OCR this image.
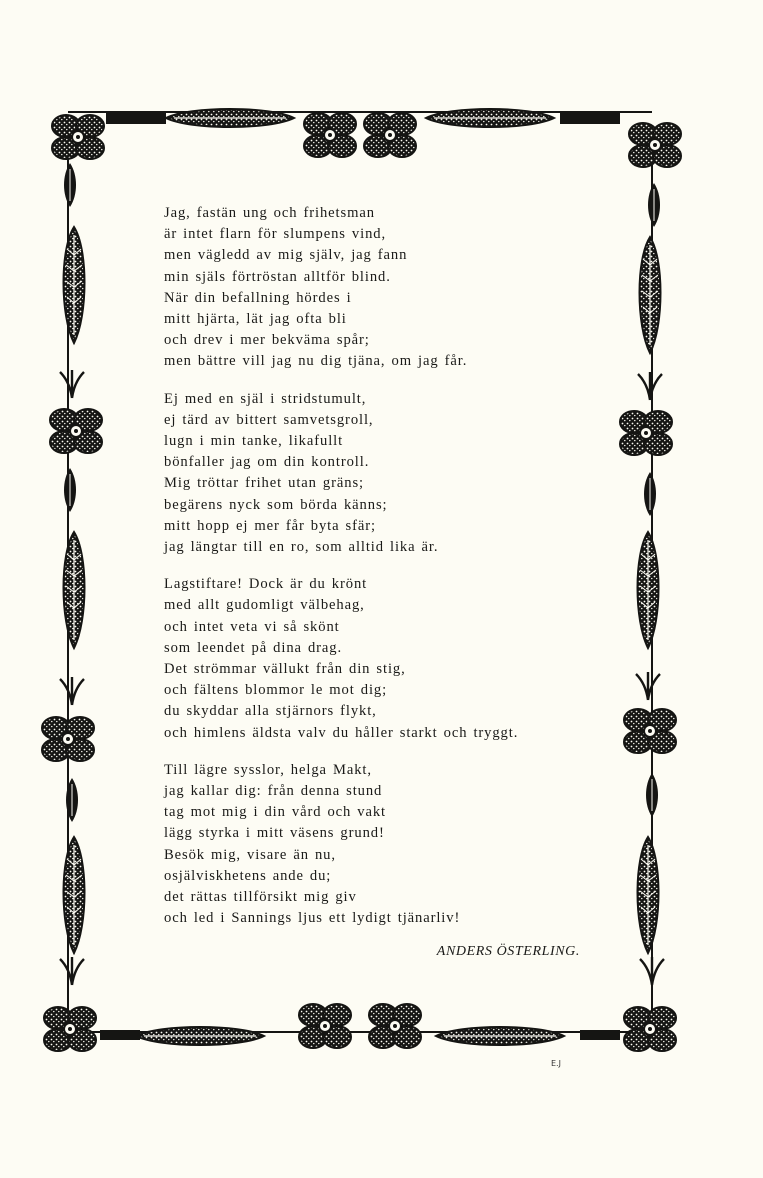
Jag, fastän ung och frihetsman
är intet flarn för slumpens vind,
men vägledd av mig själv, jag fann
min själs förtröstan alltför blind.
När din befallning hördes i
mitt hjärta, lät jag ofta bli
och drev i mer bekväma spår;
men bättre vill jag nu dig tjäna, om jag får.
Ej med en själ i stridstumult,
ej tärd av bittert samvetsgroll,
lugn i min tanke, likafullt
bönfaller jag om din kontroll.
Mig tröttar frihet utan gräns;
begärens nyck som börda känns;
mitt hopp ej mer får byta sfär;
jag längtar till en ro, som alltid lika är.
Lagstiftare! Dock är du krönt
med allt gudomligt välbehag,
och intet veta vi så skönt
som leendet på dina drag.
Det strömmar vällukt från din stig,
och fältens blommor le mot dig;
du skyddar alla stjärnors flykt,
och himlens äldsta valv du håller starkt och tryggt.
Till lägre sysslor, helga Makt,
jag kallar dig: från denna stund
tag mot mig i din vård och vakt
lägg styrka i mitt väsens grund!
Besök mig, visare än nu,
osjälviskhetens ande du;
det rättas tillförsikt mig giv
och led i Sannings ljus ett lydigt tjänarliv!
ANDERS ÖSTERLING.
E.J
